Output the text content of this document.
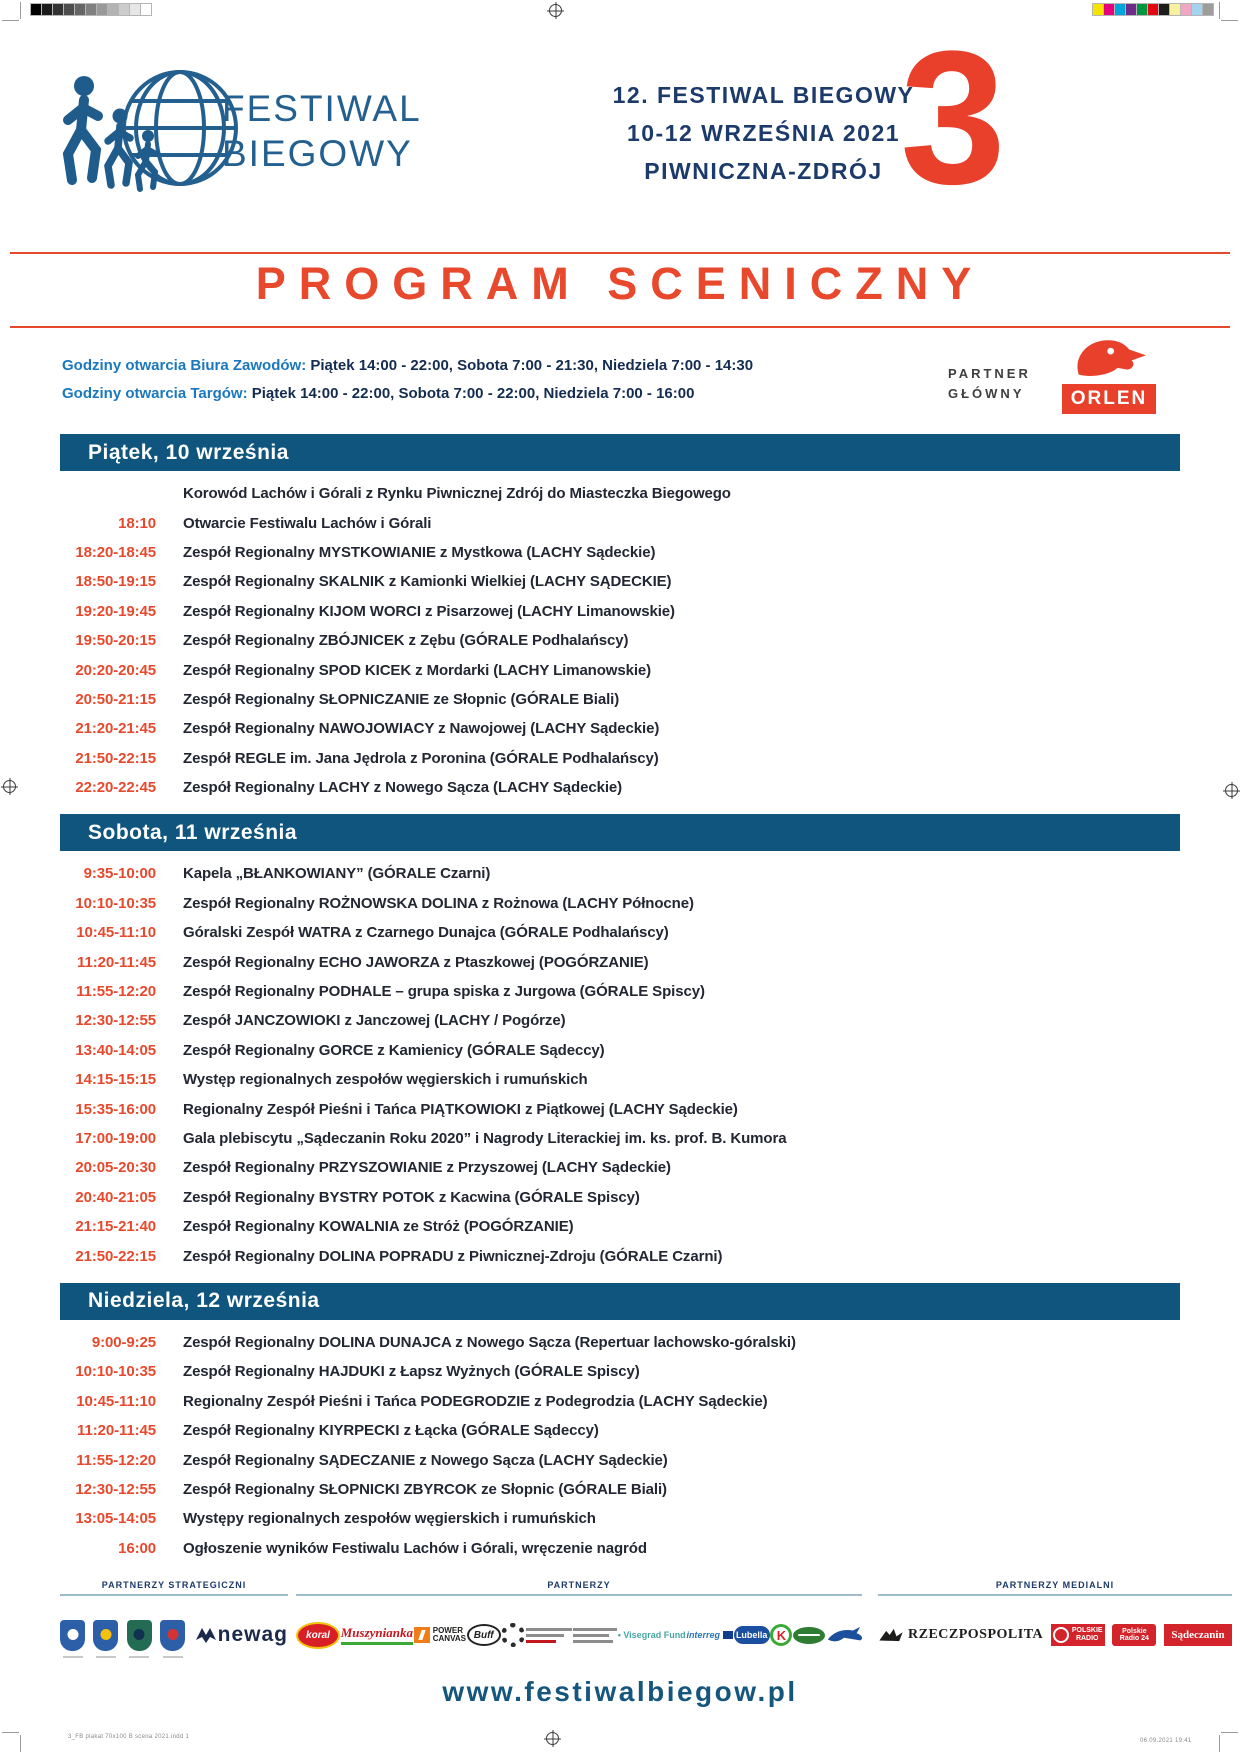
3_FB plakat 70x100 B scena 2021.indd 1
06.09.2021 19:41
FESTIWAL
BIEGOWY
12. FESTIWAL BIEGOWY
10-12 WRZEŚNIA 2021
PIWNICZNA-ZDRÓJ 3
PROGRAM SCENICZNY
Godziny otwarcia Biura Zawodów: Piątek 14:00 - 22:00, Sobota 7:00 - 21:30, Niedziela 7:00 - 14:30
Godziny otwarcia Targów: Piątek 14:00 - 22:00, Sobota 7:00 - 22:00, Niedziela 7:00 - 16:00
PARTNER
GŁÓWNY	ORLEN
Piątek, 10 września
Korowód Lachów i Górali z Rynku Piwnicznej Zdrój do Miasteczka Biegowego
18:10 Otwarcie Festiwalu Lachów i Górali
18:20-18:45 Zespół Regionalny MYSTKOWIANIE z Mystkowa (LACHY Sądeckie)
18:50-19:15 Zespół Regionalny SKALNIK z Kamionki Wielkiej (LACHY SĄDECKIE)
19:20-19:45 Zespół Regionalny KIJOM WORCI z Pisarzowej (LACHY Limanowskie)
19:50-20:15 Zespół Regionalny ZBÓJNICEK z Zębu (GÓRALE Podhalańscy)
20:20-20:45 Zespół Regionalny SPOD KICEK z Mordarki (LACHY Limanowskie)
20:50-21:15 Zespół Regionalny SŁOPNICZANIE ze Słopnic (GÓRALE Biali)
21:20-21:45 Zespół Regionalny NAWOJOWIACY z Nawojowej (LACHY Sądeckie)
21:50-22:15 Zespół REGLE im. Jana Jędrola z Poronina (GÓRALE Podhalańscy)
22:20-22:45 Zespół Regionalny LACHY z Nowego Sącza (LACHY Sądeckie)
Sobota, 11 września
9:35-10:00 Kapela „BŁANKOWIANY” (GÓRALE Czarni)
10:10-10:35 Zespół Regionalny ROŻNOWSKA DOLINA z Rożnowa (LACHY Północne)
10:45-11:10 Góralski Zespół WATRA z Czarnego Dunajca (GÓRALE Podhalańscy)
11:20-11:45 Zespół Regionalny ECHO JAWORZA z Ptaszkowej (POGÓRZANIE)
11:55-12:20 Zespół Regionalny PODHALE – grupa spiska z Jurgowa (GÓRALE Spiscy)
12:30-12:55 Zespół JANCZOWIOKI z Janczowej (LACHY / Pogórze)
13:40-14:05 Zespół Regionalny GORCE z Kamienicy (GÓRALE Sądeccy)
14:15-15:15 Występ regionalnych zespołów węgierskich i rumuńskich
15:35-16:00 Regionalny Zespół Pieśni i Tańca PIĄTKOWIOKI z Piątkowej (LACHY Sądeckie)
17:00-19:00 Gala plebiscytu „Sądeczanin Roku 2020” i Nagrody Literackiej im. ks. prof. B. Kumora
20:05-20:30 Zespół Regionalny PRZYSZOWIANIE z Przyszowej (LACHY Sądeckie)
20:40-21:05 Zespół Regionalny BYSTRY POTOK z Kacwina (GÓRALE Spiscy)
21:15-21:40 Zespół Regionalny KOWALNIA ze Stróż (POGÓRZANIE)
21:50-22:15 Zespół Regionalny DOLINA POPRADU z Piwnicznej-Zdroju (GÓRALE Czarni)
Niedziela, 12 września
9:00-9:25 Zespół Regionalny DOLINA DUNAJCA z Nowego Sącza (Repertuar lachowsko-góralski)
10:10-10:35 Zespół Regionalny HAJDUKI z Łapsz Wyżnych (GÓRALE Spiscy)
10:45-11:10 Regionalny Zespół Pieśni i Tańca PODEGRODZIE z Podegrodzia (LACHY Sądeckie)
11:20-11:45 Zespół Regionalny KIYRPECKI z Łącka (GÓRALE Sądeccy)
11:55-12:20 Zespół Regionalny SĄDECZANIE z Nowego Sącza (LACHY Sądeckie)
12:30-12:55 Zespół Regionalny SŁOPNICKI ZBYRCOK ze Słopnic (GÓRALE Biali)
13:05-14:05 Występy regionalnych zespołów węgierskich i rumuńskich
16:00 Ogłoszenie wyników Festiwalu Lachów i Górali, wręczenie nagród
PARTNERZY STRATEGICZNI
newag
PARTNERZY
koral Muszynianka POWER
CANVAS Buff	• Visegrad Fund interreg Lubella K
PARTNERZY MEDIALNI
RZECZPOSPOLITA	POLSKIE
RADIO
Polskie Radio 24	Sądeczanin
www.festiwalbiegow.pl
